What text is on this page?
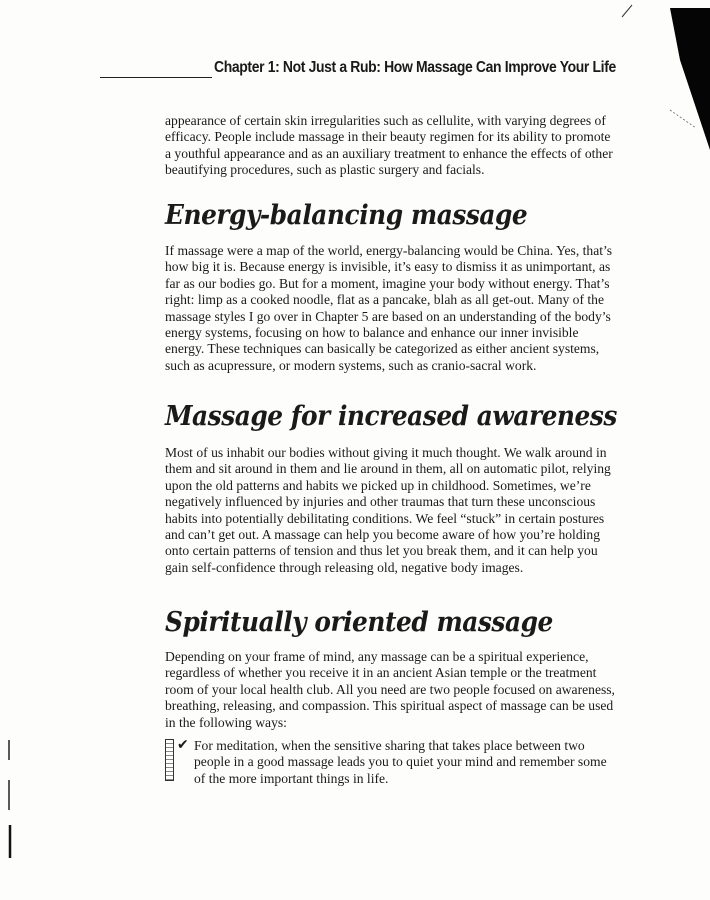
Chapter 1: Not Just a Rub: How Massage Can Improve Your Life

appearance of certain skin irregularities such as cellulite, with varying degrees of efficacy. People include massage in their beauty regimen for its ability to promote a youthful appearance and as an auxiliary treatment to enhance the effects of other beautifying procedures, such as plastic surgery and facials.

Energy-balancing massage

If massage were a map of the world, energy-balancing would be China. Yes, that’s how big it is. Because energy is invisible, it’s easy to dismiss it as unimportant, as far as our bodies go. But for a moment, imagine your body without energy. That’s right: limp as a cooked noodle, flat as a pancake, blah as all get-out. Many of the massage styles I go over in Chapter 5 are based on an understanding of the body’s energy systems, focusing on how to balance and enhance our inner invisible energy. These techniques can basically be categorized as either ancient systems, such as acupressure, or modern systems, such as cranio-sacral work.

Massage for increased awareness

Most of us inhabit our bodies without giving it much thought. We walk around in them and sit around in them and lie around in them, all on automatic pilot, relying upon the old patterns and habits we picked up in childhood. Sometimes, we’re negatively influenced by injuries and other traumas that turn these unconscious habits into potentially debilitating conditions. We feel “stuck” in certain postures and can’t get out. A massage can help you become aware of how you’re holding onto certain patterns of tension and thus let you break them, and it can help you gain self-confidence through releasing old, negative body images.

Spiritually oriented massage

Depending on your frame of mind, any massage can be a spiritual experience, regardless of whether you receive it in an ancient Asian temple or the treatment room of your local health club. All you need are two people focused on awareness, breathing, releasing, and compassion. This spiritual aspect of massage can be used in the following ways:

✔ For meditation, when the sensitive sharing that takes place between two people in a good massage leads you to quiet your mind and remember some of the more important things in life.
